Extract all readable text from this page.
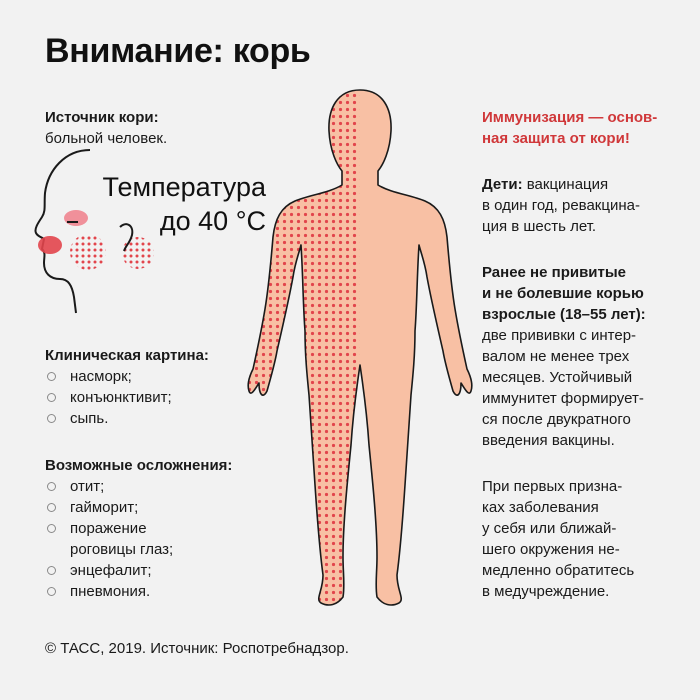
Внимание: корь
Источник кори:
больной человек.
Температура
до 40 °С
Клиническая картина:
насморк;
конъюнктивит;
сыпь.
Возможные осложнения:
отит;
гайморит;
поражение
роговицы глаз;
энцефалит;
пневмония.
Иммунизация — основ-
ная защита от кори!
Дети: вакцинация
в один год, ревакцина-
ция в шесть лет.
Ранее не привитые
и не болевшие корью
взрослые (18–55 лет):
две прививки с интер-
валом не менее трех
месяцев. Устойчивый
иммунитет формирует-
ся после двукратного
введения вакцины.
При первых призна-
ках заболевания
у себя или ближай-
шего окружения не-
медленно обратитесь
в медучреждение.
© ТАСС, 2019. Источник: Роспотребнадзор.
